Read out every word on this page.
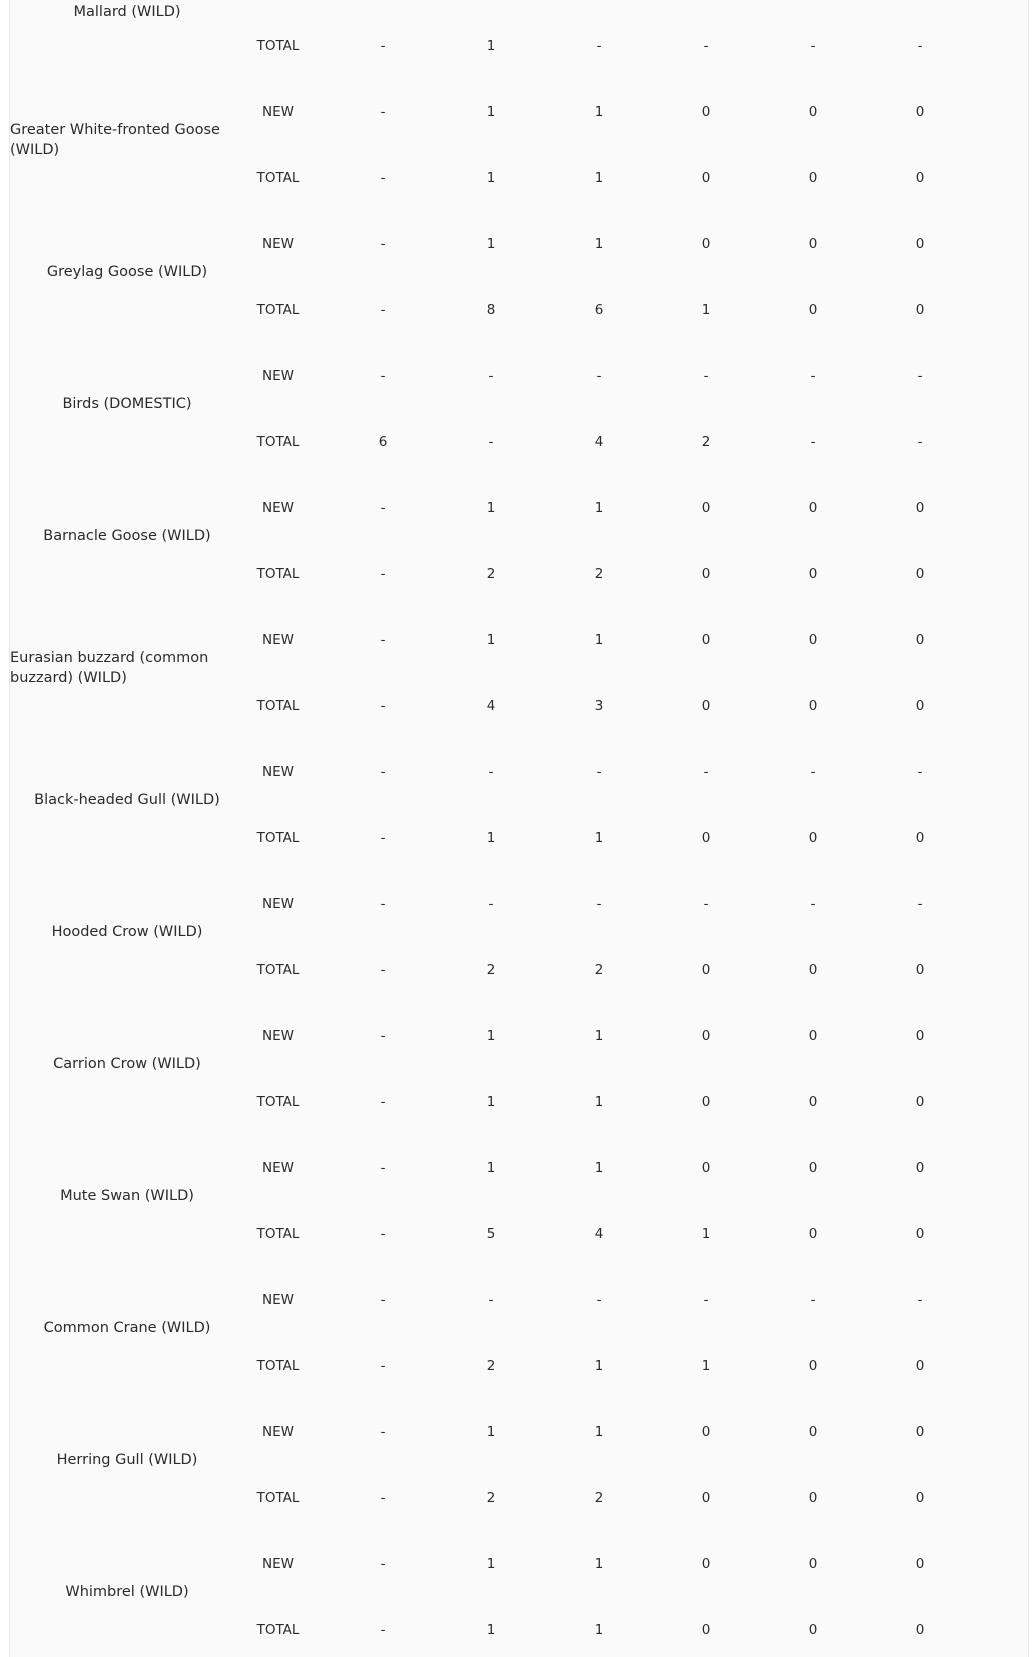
Mallard (WILD)
TOTAL	-	1	-	-	-	-
Greater White-fronted Goose (WILD)
NEW	-	1	1	0	0	0
TOTAL	-	1	1	0	0	0
Greylag Goose (WILD)
NEW	-	1	1	0	0	0
TOTAL	-	8	6	1	0	0
Birds (DOMESTIC)
NEW	-	-	-	-	-	-
TOTAL	6	-	4	2	-	-
Barnacle Goose (WILD)
NEW	-	1	1	0	0	0
TOTAL	-	2	2	0	0	0
Eurasian buzzard (common buzzard) (WILD)
NEW	-	1	1	0	0	0
TOTAL	-	4	3	0	0	0
Black-headed Gull (WILD)
NEW	-	-	-	-	-	-
TOTAL	-	1	1	0	0	0
Hooded Crow (WILD)
NEW	-	-	-	-	-	-
TOTAL	-	2	2	0	0	0
Carrion Crow (WILD)
NEW	-	1	1	0	0	0
TOTAL	-	1	1	0	0	0
Mute Swan (WILD)
NEW	-	1	1	0	0	0
TOTAL	-	5	4	1	0	0
Common Crane (WILD)
NEW	-	-	-	-	-	-
TOTAL	-	2	1	1	0	0
Herring Gull (WILD)
NEW	-	1	1	0	0	0
TOTAL	-	2	2	0	0	0
Whimbrel (WILD)
NEW	-	1	1	0	0	0
TOTAL	-	1	1	0	0	0
